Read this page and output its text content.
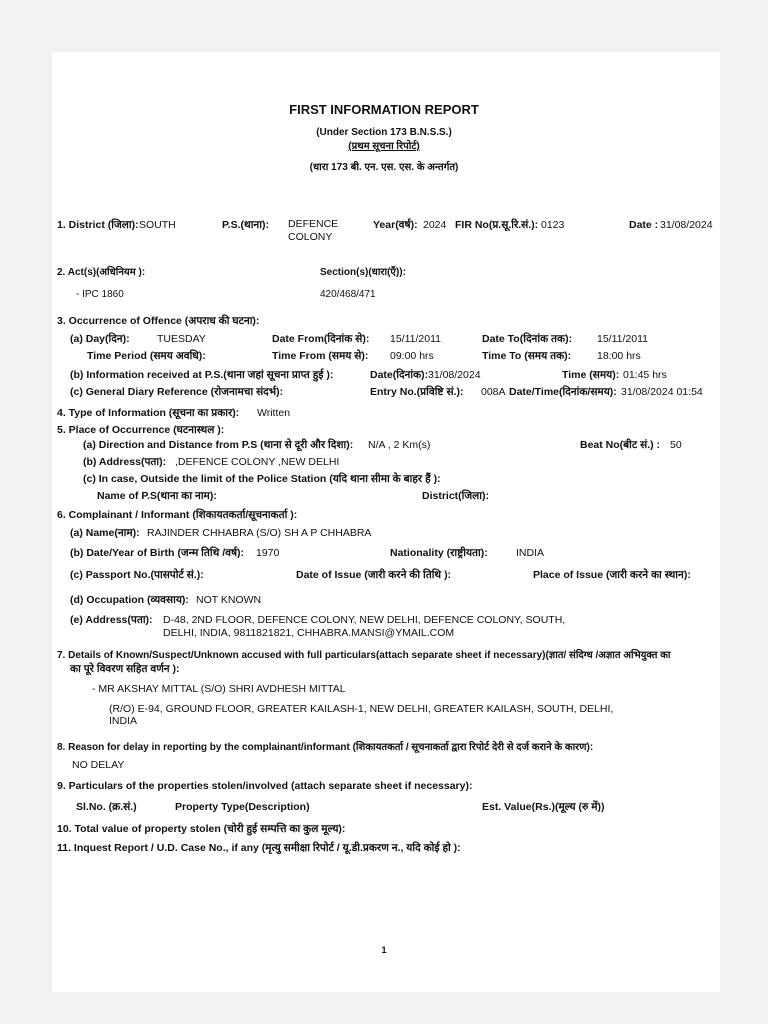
FIRST INFORMATION REPORT
(Under Section 173 B.N.S.S.)
(प्रथम सूचना रिपोर्ट)
(धारा 173 बी. एन. एस. एस. के अन्तर्गत)
1. District (जिला): SOUTH	P.S.(थाना): DEFENCE
COLONY
Year(वर्ष): 2024 FIR No(प्र.सू.रि.सं.): 0123	Date : 31/08/2024
2. Act(s)(अधिनियम ):	Section(s)(धारा(एँ)):
- IPC 1860	420/468/471
3. Occurrence of Offence (अपराध की घटना):
(a) Day(दिन):	TUESDAY	Date From(दिनांक से): 15/11/2011	Date To(दिनांक तक): 15/11/2011
Time Period (समय अवधि):	Time From (समय से): 09:00 hrs	Time To (समय तक): 18:00 hrs
(b) Information received at P.S.(थाना जहां सूचना प्राप्त हुई ):	Date(दिनांक): 31/08/2024	Time (समय): 01:45 hrs
(c) General Diary Reference (रोजनामचा संदर्भ):	Entry No.(प्रविष्टि सं.): 008A Date/Time(दिनांक/समय): 31/08/2024 01:54
4. Type of Information (सूचना का प्रकार): Written
5. Place of Occurrence (घटनास्थल ):
(a) Direction and Distance from P.S (थाना से दूरी और दिशा): N/A , 2 Km(s)	Beat No(बीट सं.) : 50
(b) Address(पता): ,DEFENCE COLONY ,NEW DELHI
(c) In case, Outside the limit of the Police Station (यदि थाना सीमा के बाहर हैं ):
Name of P.S(थाना का नाम):	District(जिला):
6. Complainant / Informant (शिकायतकर्ता/सूचनाकर्ता ):
(a) Name(नाम): RAJINDER CHHABRA (S/O) SH A P CHHABRA
(b) Date/Year of Birth (जन्म तिथि /वर्ष): 1970	Nationality (राष्ट्रीयता):	INDIA
(c) Passport No.(पासपोर्ट सं.):	Date of Issue (जारी करने की तिथि ):	Place of Issue (जारी करने का स्थान):
(d) Occupation (व्यवसाय): NOT KNOWN
(e) Address(पता): D-48, 2ND FLOOR, DEFENCE COLONY, NEW DELHI, DEFENCE COLONY, SOUTH,
DELHI, INDIA, 9811821821, CHHABRA.MANSI@YMAIL.COM
7. Details of Known/Suspect/Unknown accused with full particulars(attach separate sheet if necessary)(ज्ञात/ संदिग्ध /अज्ञात अभियुक्त का
का पूरे विवरण सहित वर्णन ):
- MR AKSHAY MITTAL (S/O) SHRI AVDHESH MITTAL
(R/O) E-94, GROUND FLOOR, GREATER KAILASH-1, NEW DELHI, GREATER KAILASH, SOUTH, DELHI,
INDIA
8. Reason for delay in reporting by the complainant/informant (शिकायतकर्ता / सूचनाकर्ता द्वारा रिपोर्ट देरी से दर्ज कराने के कारण):
NO DELAY
9. Particulars of the properties stolen/involved (attach separate sheet if necessary):
Sl.No. (क्र.सं.)	Property Type(Description)	Est. Value(Rs.)(मूल्य (रु में))
10. Total value of property stolen (चोरी हुई सम्पत्ति का कुल मूल्य):
11. Inquest Report / U.D. Case No., if any (मृत्यु समीक्षा रिपोर्ट / यू.डी.प्रकरण न., यदि कोई हो ):
1
